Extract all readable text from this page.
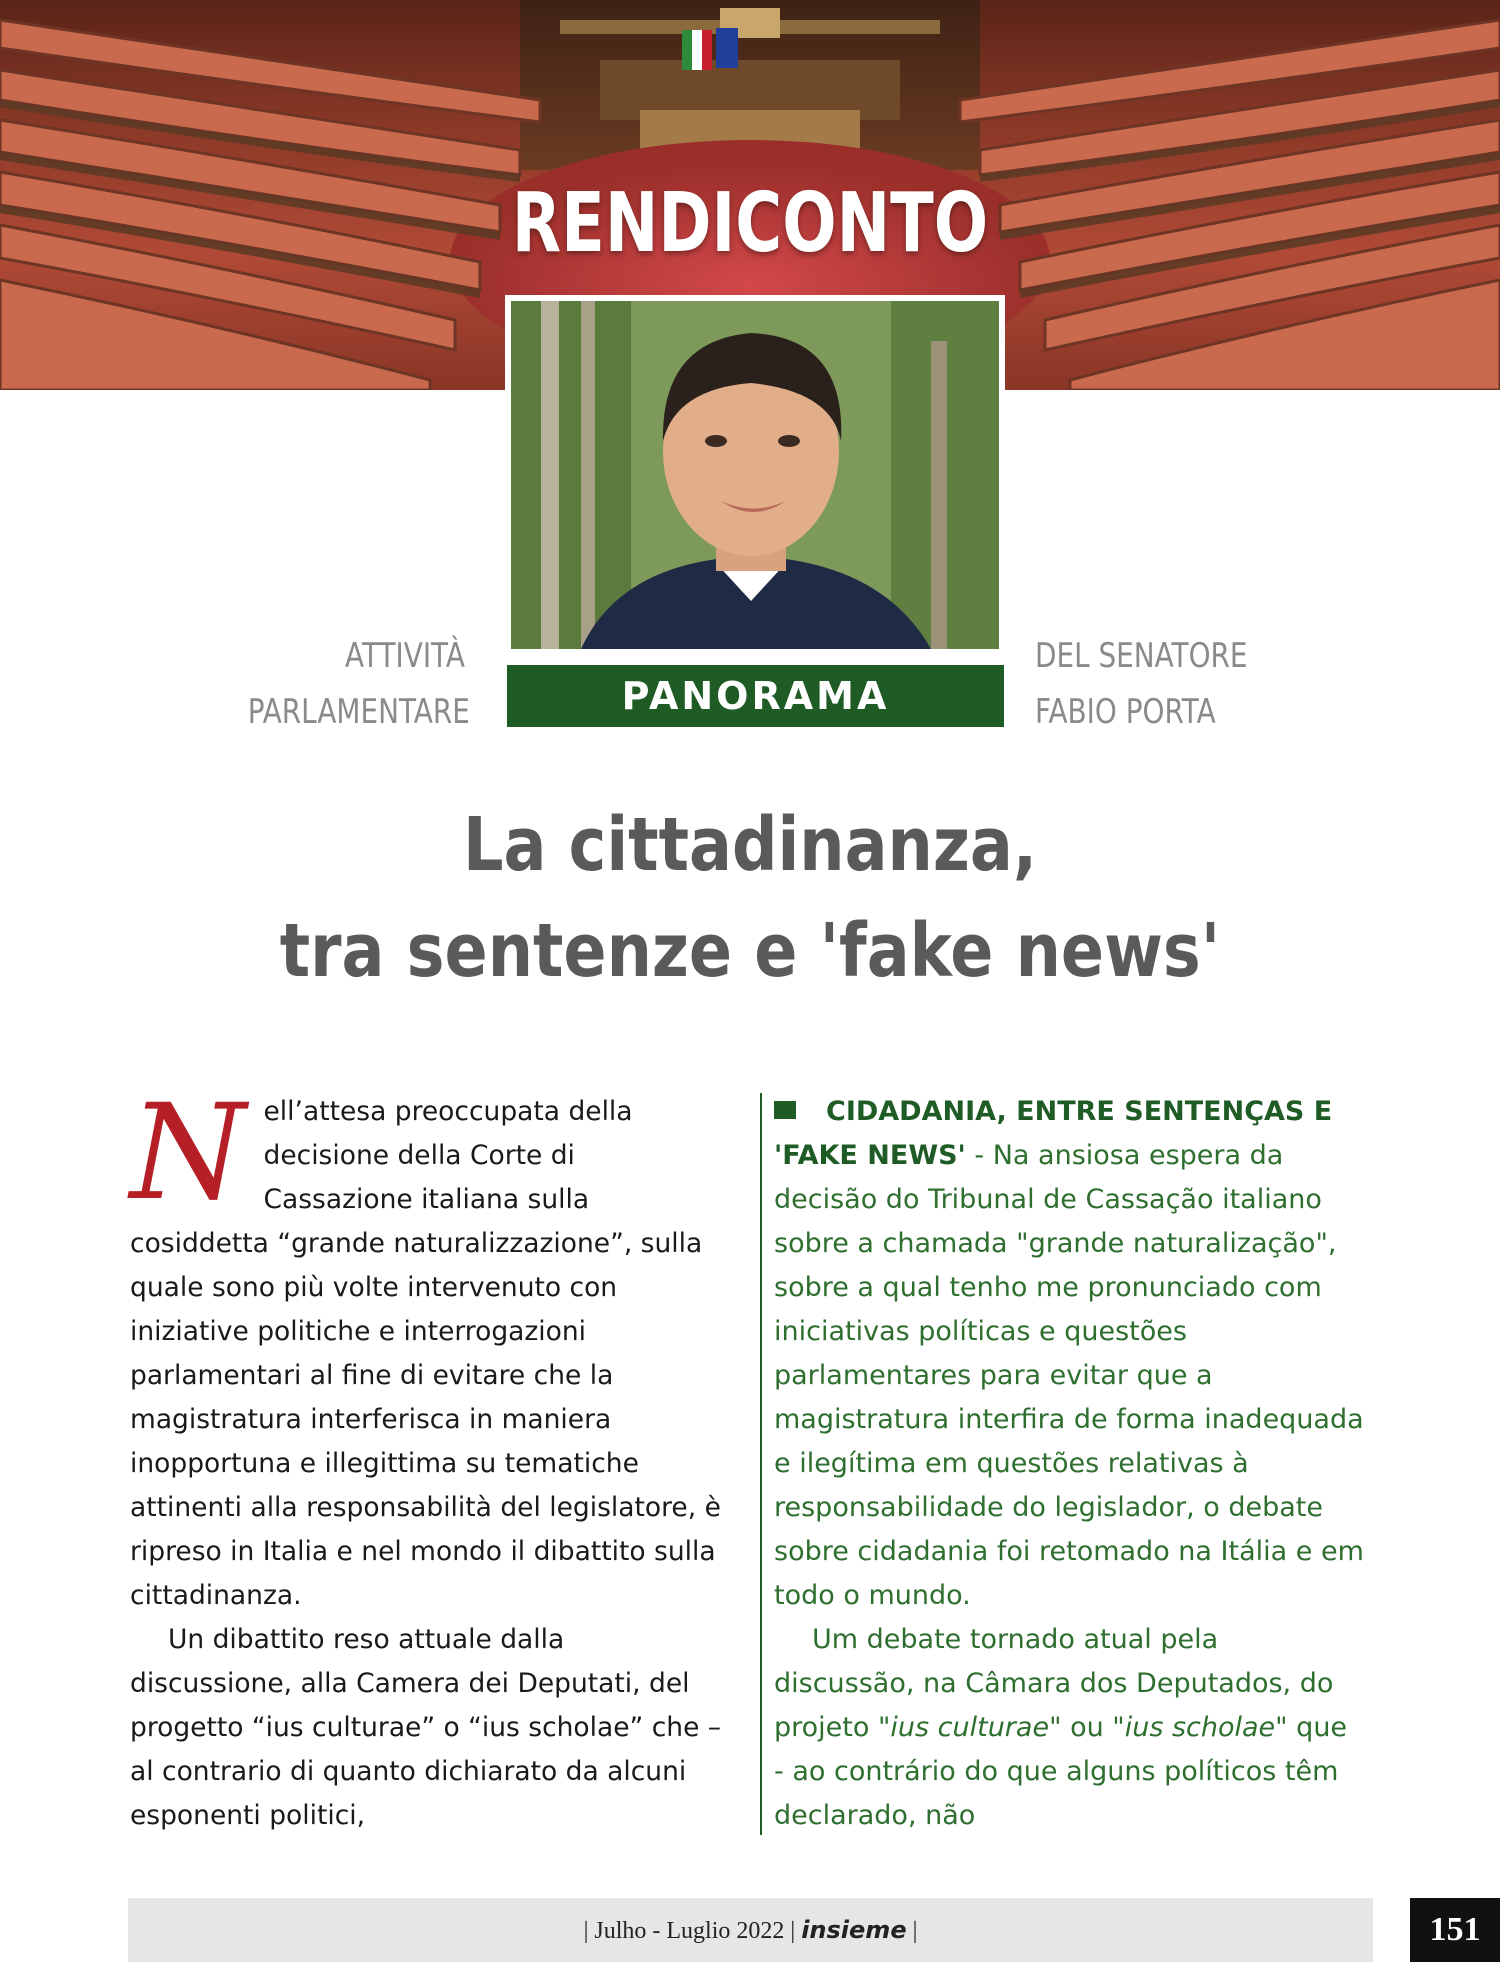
RENDICONTO
PANORAMA
ATTIVITÀ
PARLAMENTARE
DEL SENATORE
FABIO PORTA
La cittadinanza,
tra sentenze e 'fake news'

Nell’attesa preoccupata della decisione della Corte di Cassazione italiana sulla cosiddetta “grande naturalizzazione”, sulla quale sono più volte intervenuto con iniziative politiche e interrogazioni parlamentari al fine di evitare che la magistratura interferisca in maniera inopportuna e illegittima su tematiche attinenti alla responsabilità del legislatore, è ripreso in Italia e nel mondo il dibattito sulla cittadinanza.

Un dibattito reso attuale dalla discussione, alla Camera dei Deputati, del progetto “ius culturae” o “ius scholae” che – al contrario di quanto dichiarato da alcuni esponenti politici,

CIDADANIA, ENTRE SENTENÇAS E 'FAKE NEWS' - Na ansiosa espera da decisão do Tribunal de Cassação italiano sobre a chamada "grande naturalização", sobre a qual tenho me pronunciado com iniciativas políticas e questões parlamentares para evitar que a magistratura interfira de forma inadequada e ilegítima em questões relativas à responsabilidade do legislador, o debate sobre cidadania foi retomado na Itália e em todo o mundo.

Um debate tornado atual pela discussão, na Câmara dos Deputados, do projeto "ius culturae" ou "ius scholae" que - ao contrário do que alguns políticos têm declarado, não

| Julho - Luglio 2022 | insieme |	151
